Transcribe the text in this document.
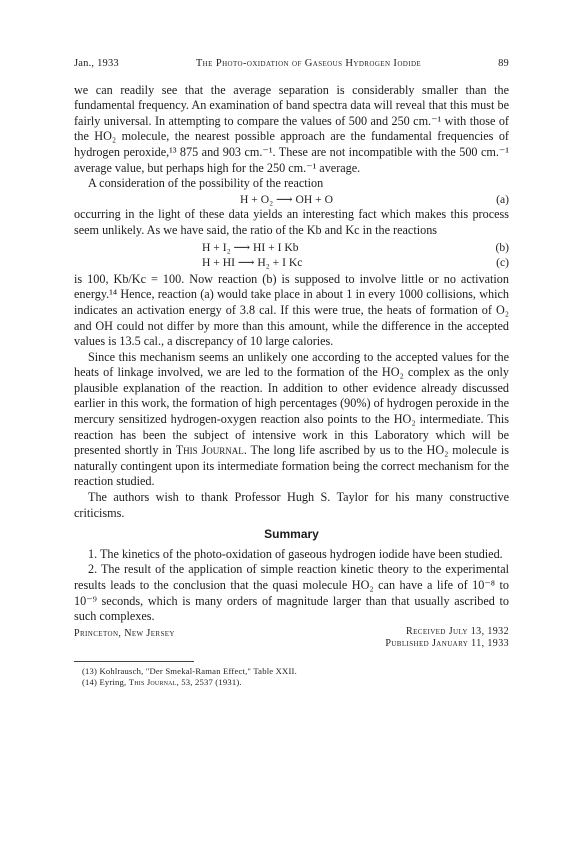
Jan., 1933	The Photo-oxidation of Gaseous Hydrogen Iodide	89

we can readily see that the average separation is considerably smaller than the fundamental frequency. An examination of band spectra data will reveal that this must be fairly universal. In attempting to compare the values of 500 and 250 cm.⁻¹ with those of the HO₂ molecule, the nearest possible approach are the fundamental frequencies of hydrogen peroxide,¹³ 875 and 903 cm.⁻¹. These are not incompatible with the 500 cm.⁻¹ average value, but perhaps high for the 250 cm.⁻¹ average.

A consideration of the possibility of the reaction

H + O₂ ⟶ OH + O	(a)

occurring in the light of these data yields an interesting fact which makes this process seem unlikely. As we have said, the ratio of the Kb and Kc in the reactions

H + I₂ ⟶ HI + I Kb	(b)
H + HI ⟶ H₂ + I Kc	(c)

is 100, Kb/Kc = 100. Now reaction (b) is supposed to involve little or no activation energy.¹⁴ Hence, reaction (a) would take place in about 1 in every 1000 collisions, which indicates an activation energy of 3.8 cal. If this were true, the heats of formation of O₂ and OH could not differ by more than this amount, while the difference in the accepted values is 13.5 cal., a discrepancy of 10 large calories.

Since this mechanism seems an unlikely one according to the accepted values for the heats of linkage involved, we are led to the formation of the HO₂ complex as the only plausible explanation of the reaction. In addition to other evidence already discussed earlier in this work, the formation of high percentages (90%) of hydrogen peroxide in the mercury sensitized hydrogen-oxygen reaction also points to the HO₂ intermediate. This reaction has been the subject of intensive work in this Laboratory which will be presented shortly in This Journal. The long life ascribed by us to the HO₂ molecule is naturally contingent upon its intermediate formation being the correct mechanism for the reaction studied.

The authors wish to thank Professor Hugh S. Taylor for his many constructive criticisms.

Summary

1. The kinetics of the photo-oxidation of gaseous hydrogen iodide have been studied.

2. The result of the application of simple reaction kinetic theory to the experimental results leads to the conclusion that the quasi molecule HO₂ can have a life of 10⁻⁸ to 10⁻⁹ seconds, which is many orders of magnitude larger than that usually ascribed to such complexes.

Princeton, New Jersey	Received July 13, 1932
Published January 11, 1933
(13) Kohlrausch, "Der Smekal-Raman Effect," Table XXII.
(14) Eyring, This Journal, 53, 2537 (1931).
